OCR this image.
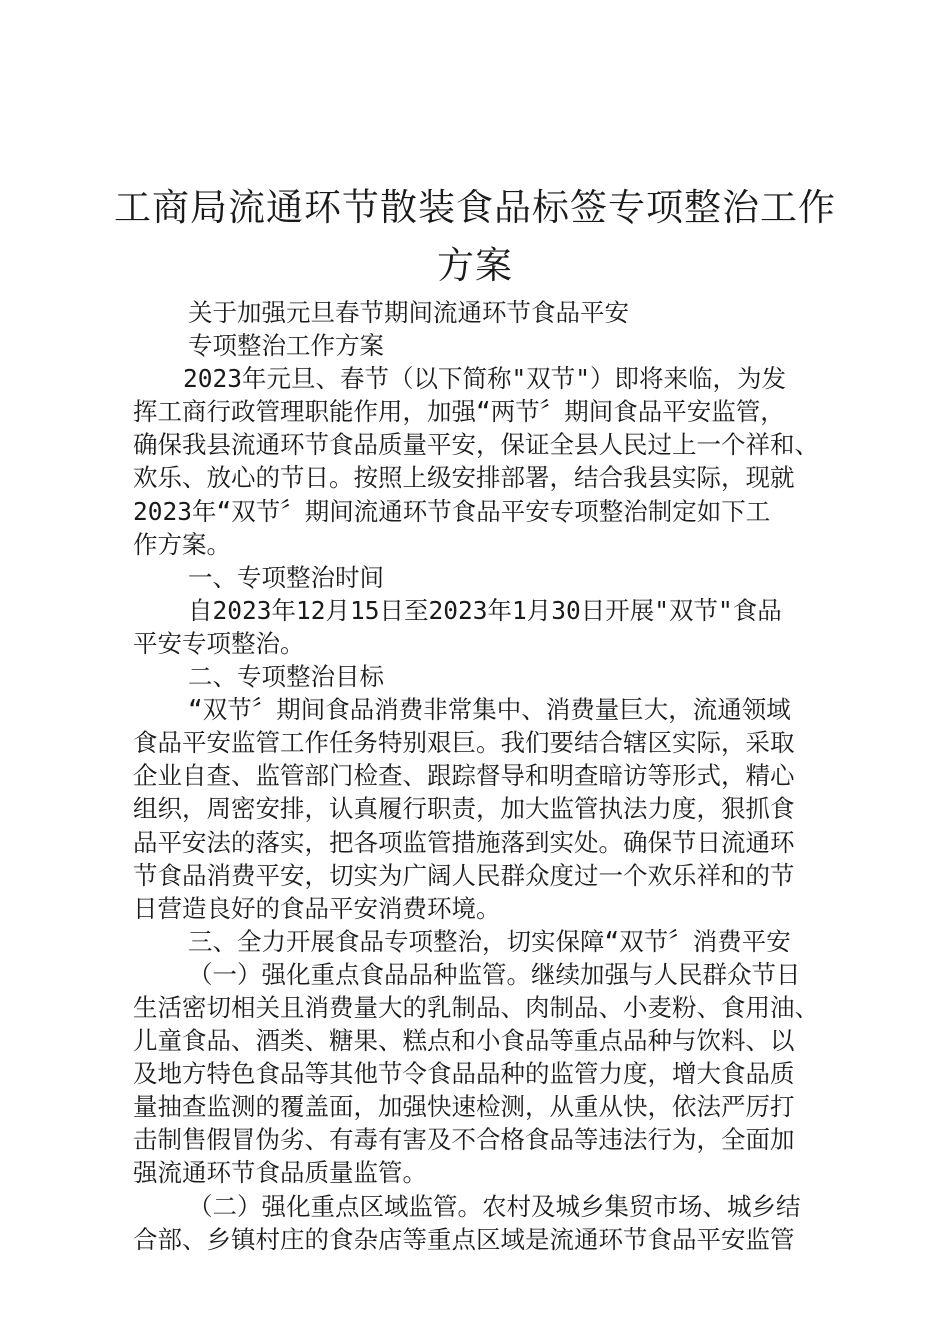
工商局流通环节散装食品标签专项整治工作
方案
关于加强元旦春节期间流通环节食品平安
专项整治工作方案
2023年元旦、春节（以下简称"双节"）即将来临，为发
挥工商行政管理职能作用，加强“两节〞期间食品平安监管，
确保我县流通环节食品质量平安，保证全县人民过上一个祥和、
欢乐、放心的节日。按照上级安排部署，结合我县实际，现就
2023年“双节〞期间流通环节食品平安专项整治制定如下工
作方案。
一、专项整治时间
自2023年12月15日至2023年1月30日开展"双节"食品
平安专项整治。
二、专项整治目标
“双节〞期间食品消费非常集中、消费量巨大，流通领域
食品平安监管工作任务特别艰巨。我们要结合辖区实际，采取
企业自查、监管部门检查、跟踪督导和明查暗访等形式，精心
组织，周密安排，认真履行职责，加大监管执法力度，狠抓食
品平安法的落实，把各项监管措施落到实处。确保节日流通环
节食品消费平安，切实为广阔人民群众度过一个欢乐祥和的节
日营造良好的食品平安消费环境。
三、全力开展食品专项整治，切实保障“双节〞消费平安
（一）强化重点食品品种监管。继续加强与人民群众节日
生活密切相关且消费量大的乳制品、肉制品、小麦粉、食用油、
儿童食品、酒类、糖果、糕点和小食品等重点品种与饮料、以
及地方特色食品等其他节令食品品种的监管力度，增大食品质
量抽查监测的覆盖面，加强快速检测，从重从快，依法严厉打
击制售假冒伪劣、有毒有害及不合格食品等违法行为，全面加
强流通环节食品质量监管。
（二）强化重点区域监管。农村及城乡集贸市场、城乡结
合部、乡镇村庄的食杂店等重点区域是流通环节食品平安监管
